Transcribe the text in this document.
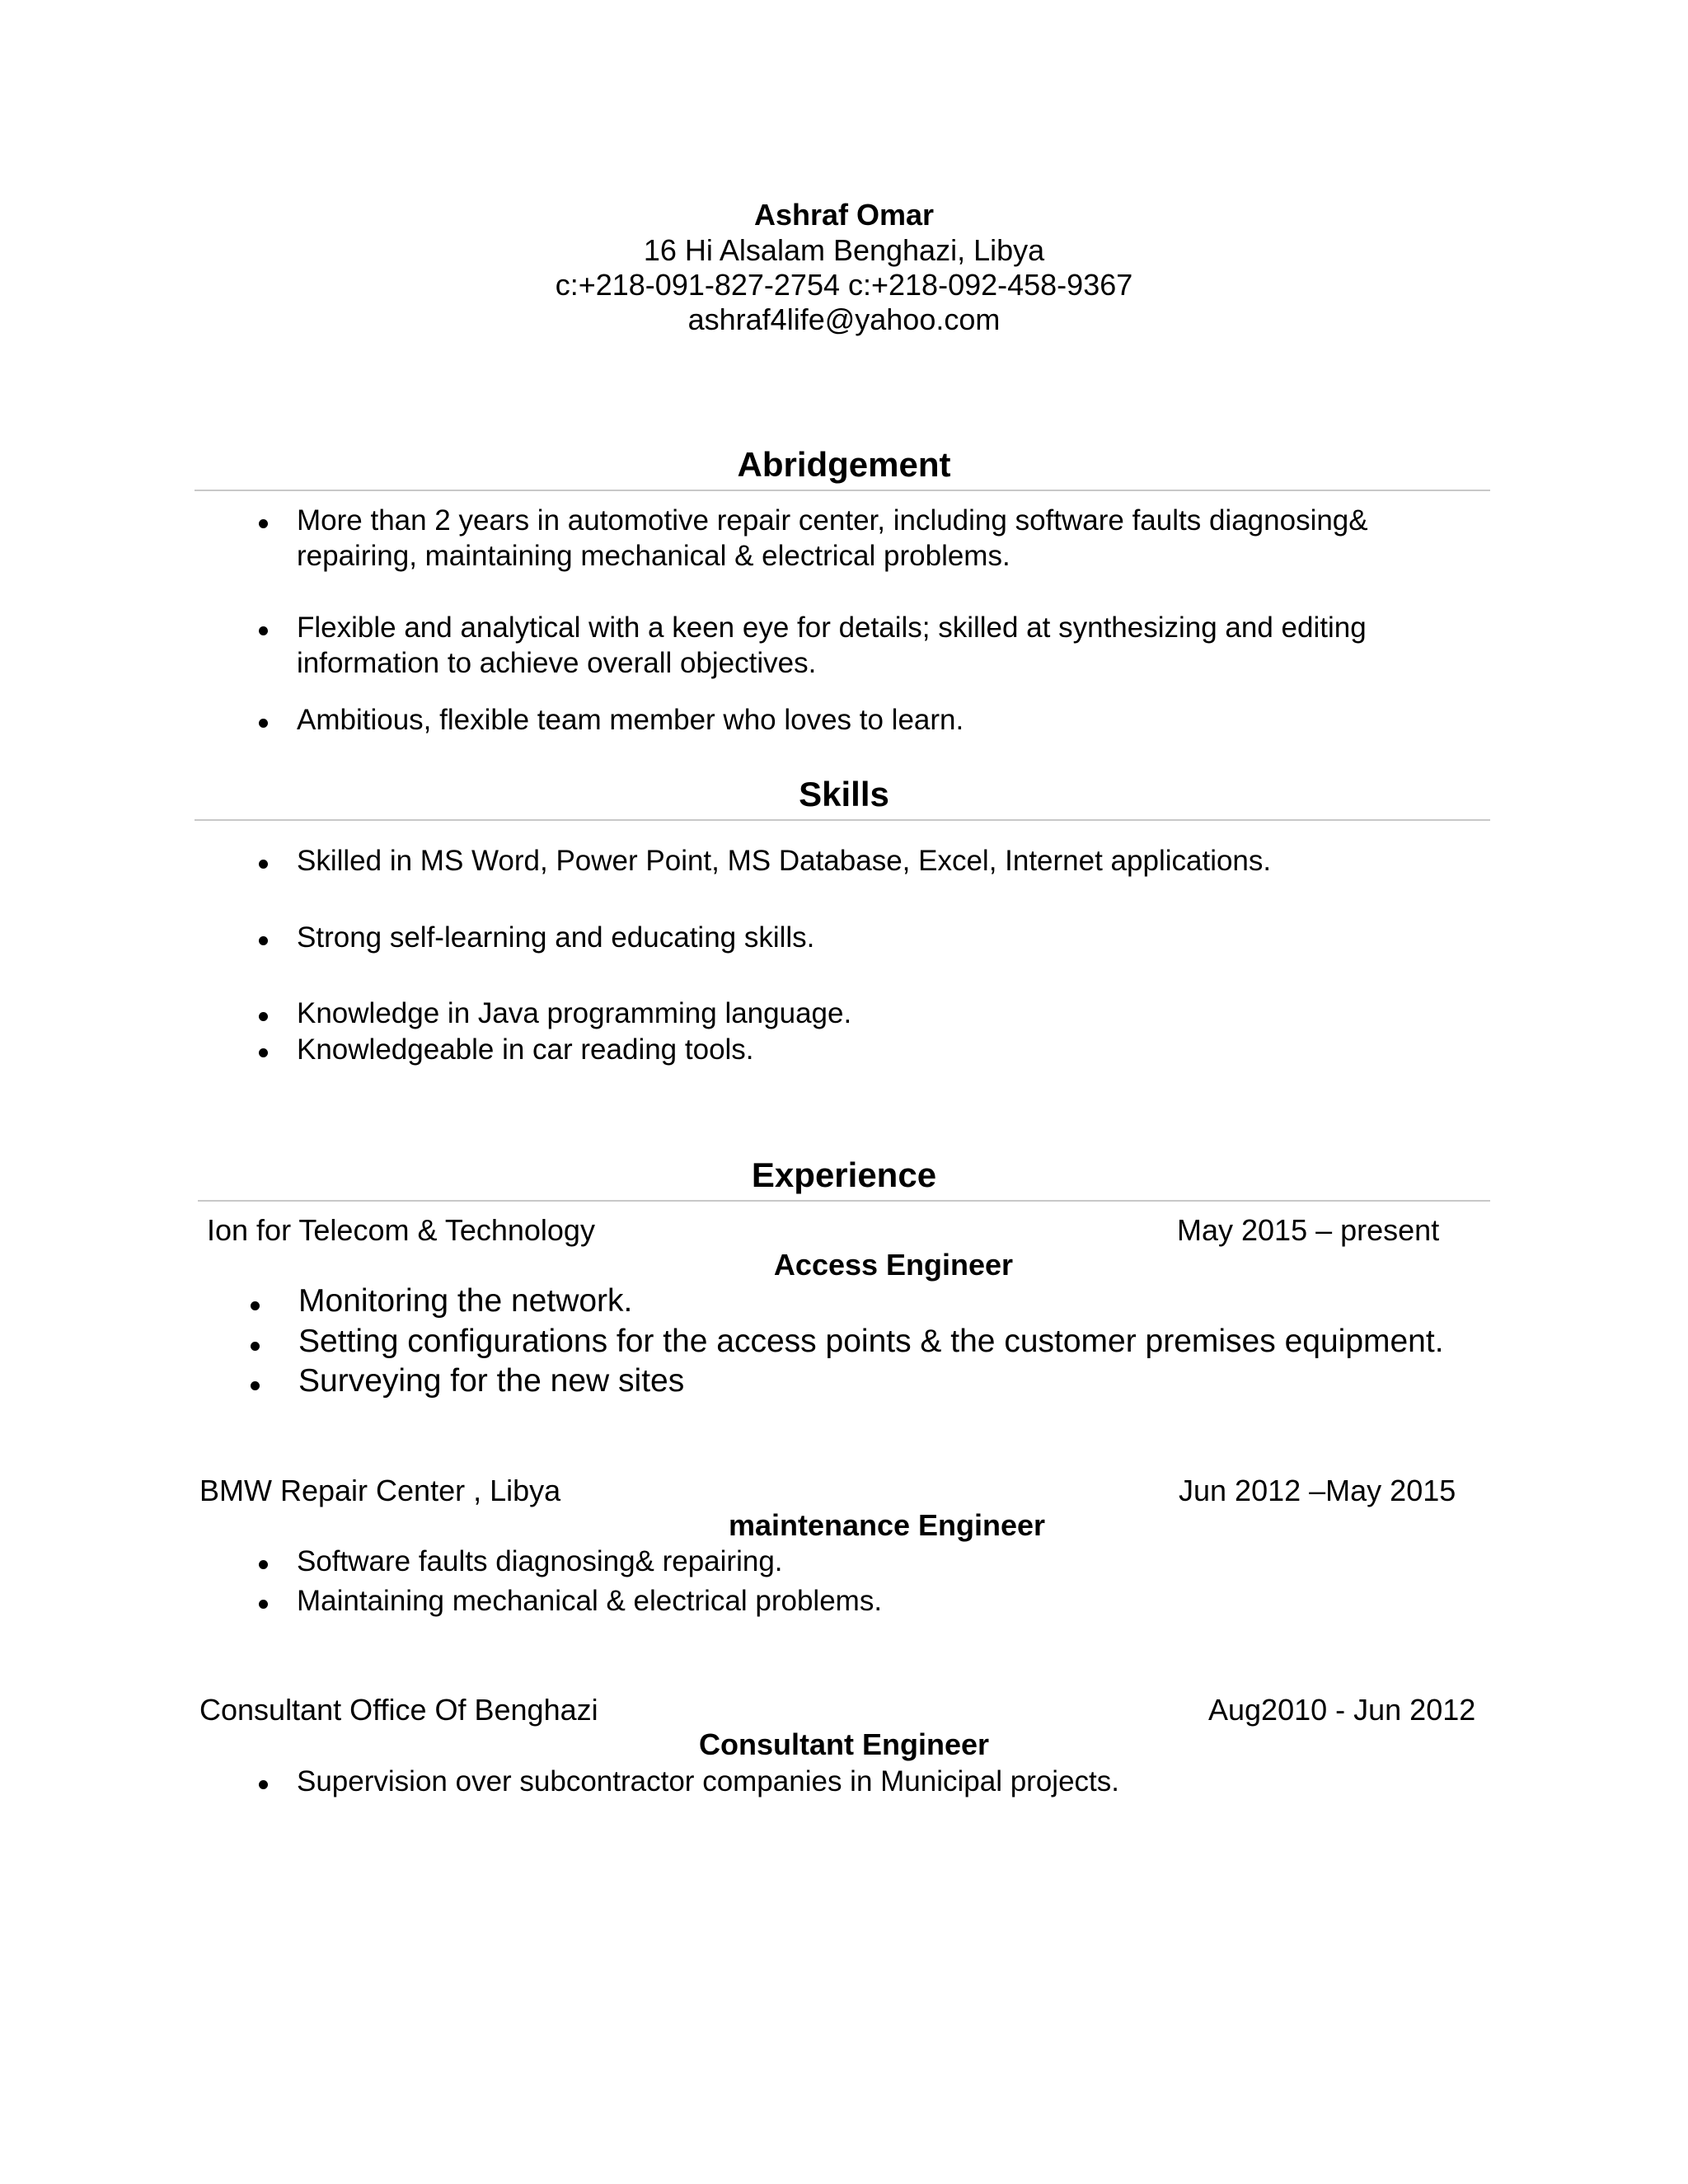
Ashraf Omar
16 Hi Alsalam Benghazi, Libya
c:+218-091-827-2754 c:+218-092-458-9367
ashraf4life@yahoo.com
Abridgement
More than 2 years in automotive repair center, including software faults diagnosing&
repairing, maintaining mechanical & electrical problems.
Flexible and analytical with a keen eye for details; skilled at synthesizing and editing
information to achieve overall objectives.
Ambitious, flexible team member who loves to learn.
Skills
Skilled in MS Word, Power Point, MS Database, Excel, Internet applications.
Strong self-learning and educating skills.
Knowledge in Java programming language.
Knowledgeable in car reading tools.
Experience
Ion for Telecom & Technology	May 2015 – present
Access Engineer
Monitoring the network.
Setting configurations for the access points & the customer premises equipment.
Surveying for the new sites
BMW Repair Center , Libya	Jun 2012 –May 2015
maintenance Engineer
Software faults diagnosing& repairing.
Maintaining mechanical & electrical problems.
Consultant Office Of Benghazi	Aug2010 - Jun 2012
Consultant Engineer
Supervision over subcontractor companies in Municipal projects.
